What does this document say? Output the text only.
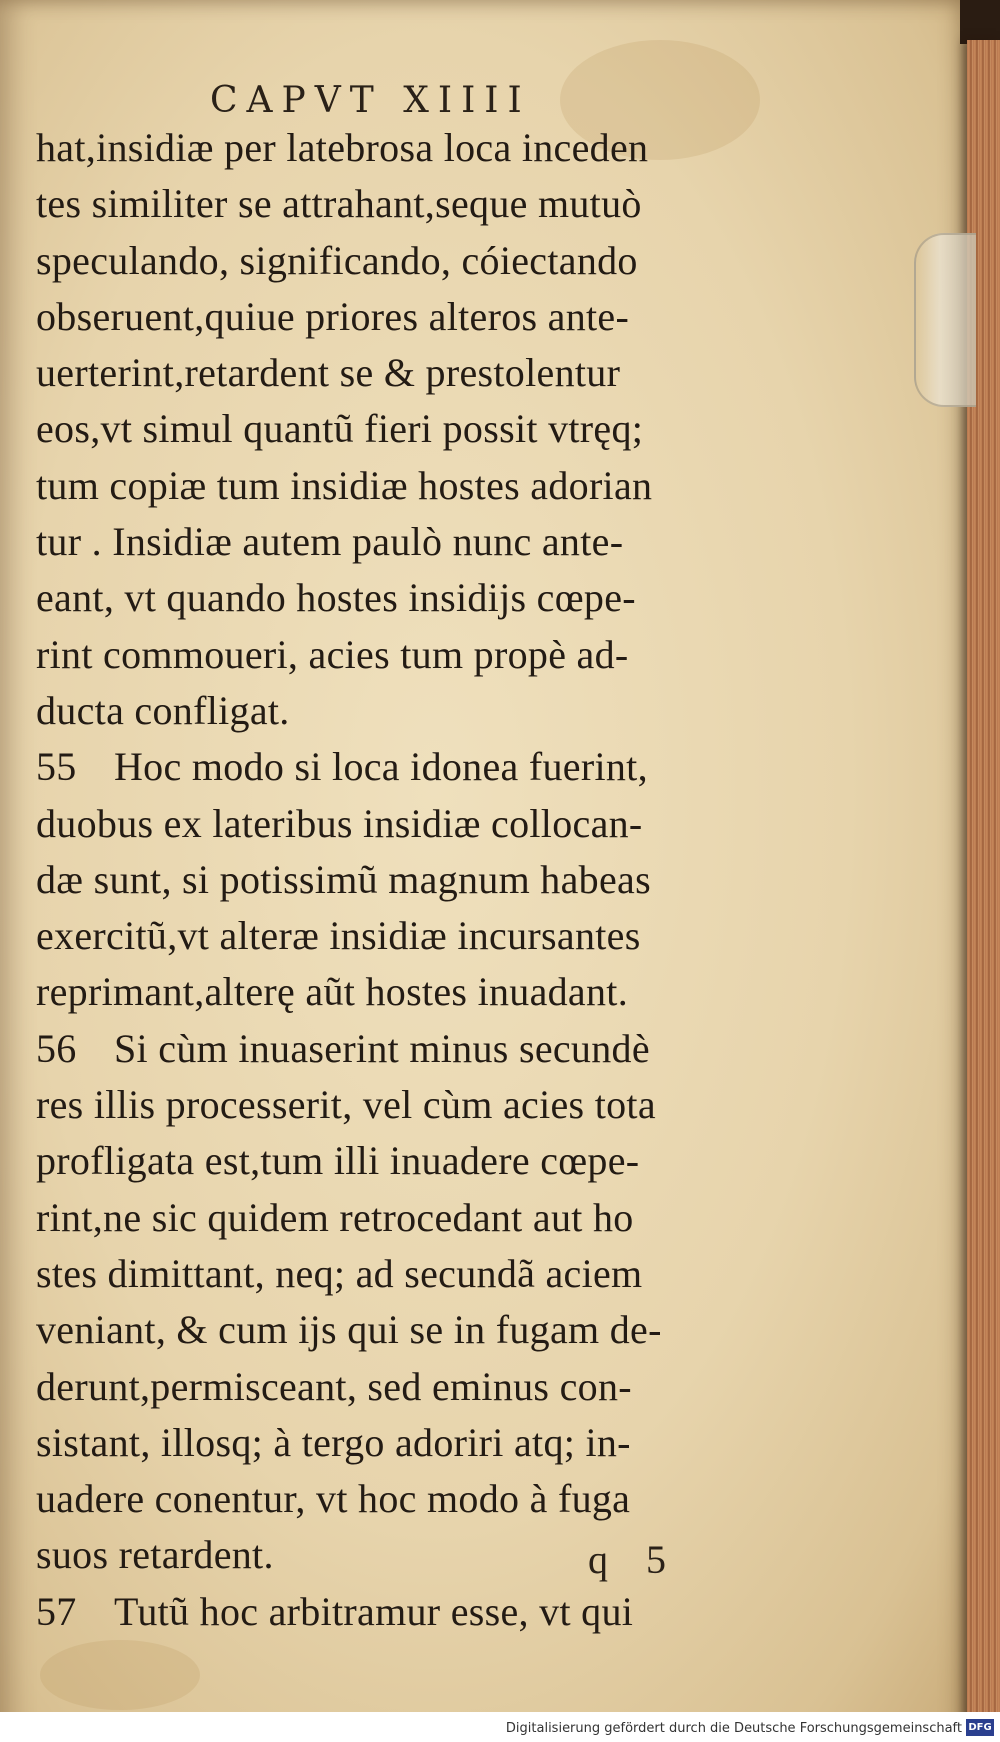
CAPVT XIIII
hat,insidiæ per latebrosa loca inceden
tes similiter se attrahant,seque mutuò
speculando, significando, cóiectando
obseruent,quiue priores alteros ante-
uerterint,retardent se & prestolentur
eos,vt simul quantũ fieri possit vtręq;
tum copiæ tum insidiæ hostes adorian
tur . Insidiæ autem paulò nunc ante-
eant, vt quando hostes insidijs cœpe-
rint commoueri, acies tum propè ad-
ducta confligat.
55 Hoc modo si loca idonea fuerint,
duobus ex lateribus insidiæ collocan-
dæ sunt, si potissimũ magnum habeas
exercitũ,vt alteræ insidiæ incursantes
reprimant,alterę aũt hostes inuadant.
56 Si cùm inuaserint minus secundè
res illis processerit, vel cùm acies tota
profligata est,tum illi inuadere cœpe-
rint,ne sic quidem retrocedant aut ho
stes dimittant, neq; ad secundã aciem
veniant, & cum ijs qui se in fugam de-
derunt,permisceant, sed eminus con-
sistant, illosq; à tergo adoriri atq; in-
uadere conentur, vt hoc modo à fuga
suos retardent.
57 Tutũ hoc arbitramur esse, vt qui
q 5
Digitalisierung gefördert durch die Deutsche Forschungsgemeinschaft DFG
